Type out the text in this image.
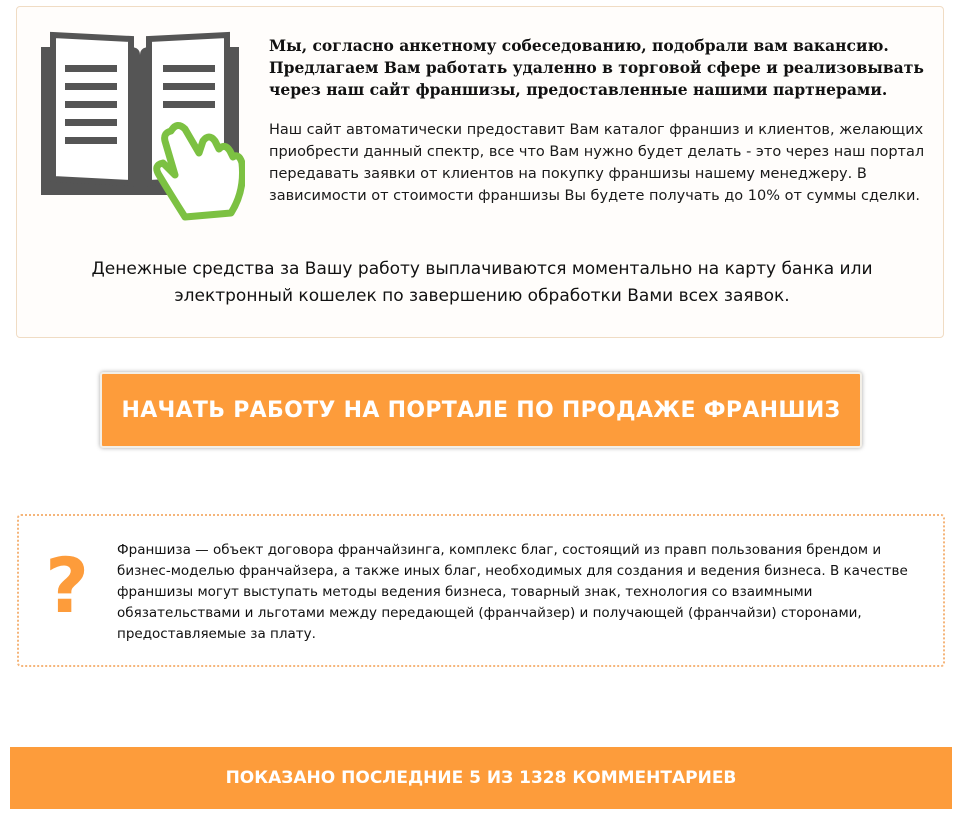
Мы, согласно анкетному собеседованию, подобрали вам вакансию. Предлагаем Вам работать удаленно в торговой сфере и реализовывать через наш сайт франшизы, предоставленные нашими партнерами.
Наш сайт автоматически предоставит Вам каталог франшиз и клиентов, желающих приобрести данный спектр, все что Вам нужно будет делать - это через наш портал передавать заявки от клиентов на покупку франшизы нашему менеджеру. В зависимости от стоимости франшизы Вы будете получать до 10% от суммы сделки.
Денежные средства за Вашу работу выплачиваются моментально на карту банка или электронный кошелек по завершению обработки Вами всех заявок.
НАЧАТЬ РАБОТУ НА ПОРТАЛЕ ПО ПРОДАЖЕ ФРАНШИЗ
? Франшиза — объект договора франчайзинга, комплекс благ, состоящий из правп пользования брендом и бизнес-моделью франчайзера, а также иных благ, необходимых для создания и ведения бизнеса. В качестве франшизы могут выступать методы ведения бизнеса, товарный знак, технология со взаимными обязательствами и льготами между передающей (франчайзер) и получающей (франчайзи) сторонами, предоставляемые за плату.
ПОКАЗАНО ПОСЛЕДНИЕ 5 ИЗ 1328 КОММЕНТАРИЕВ
